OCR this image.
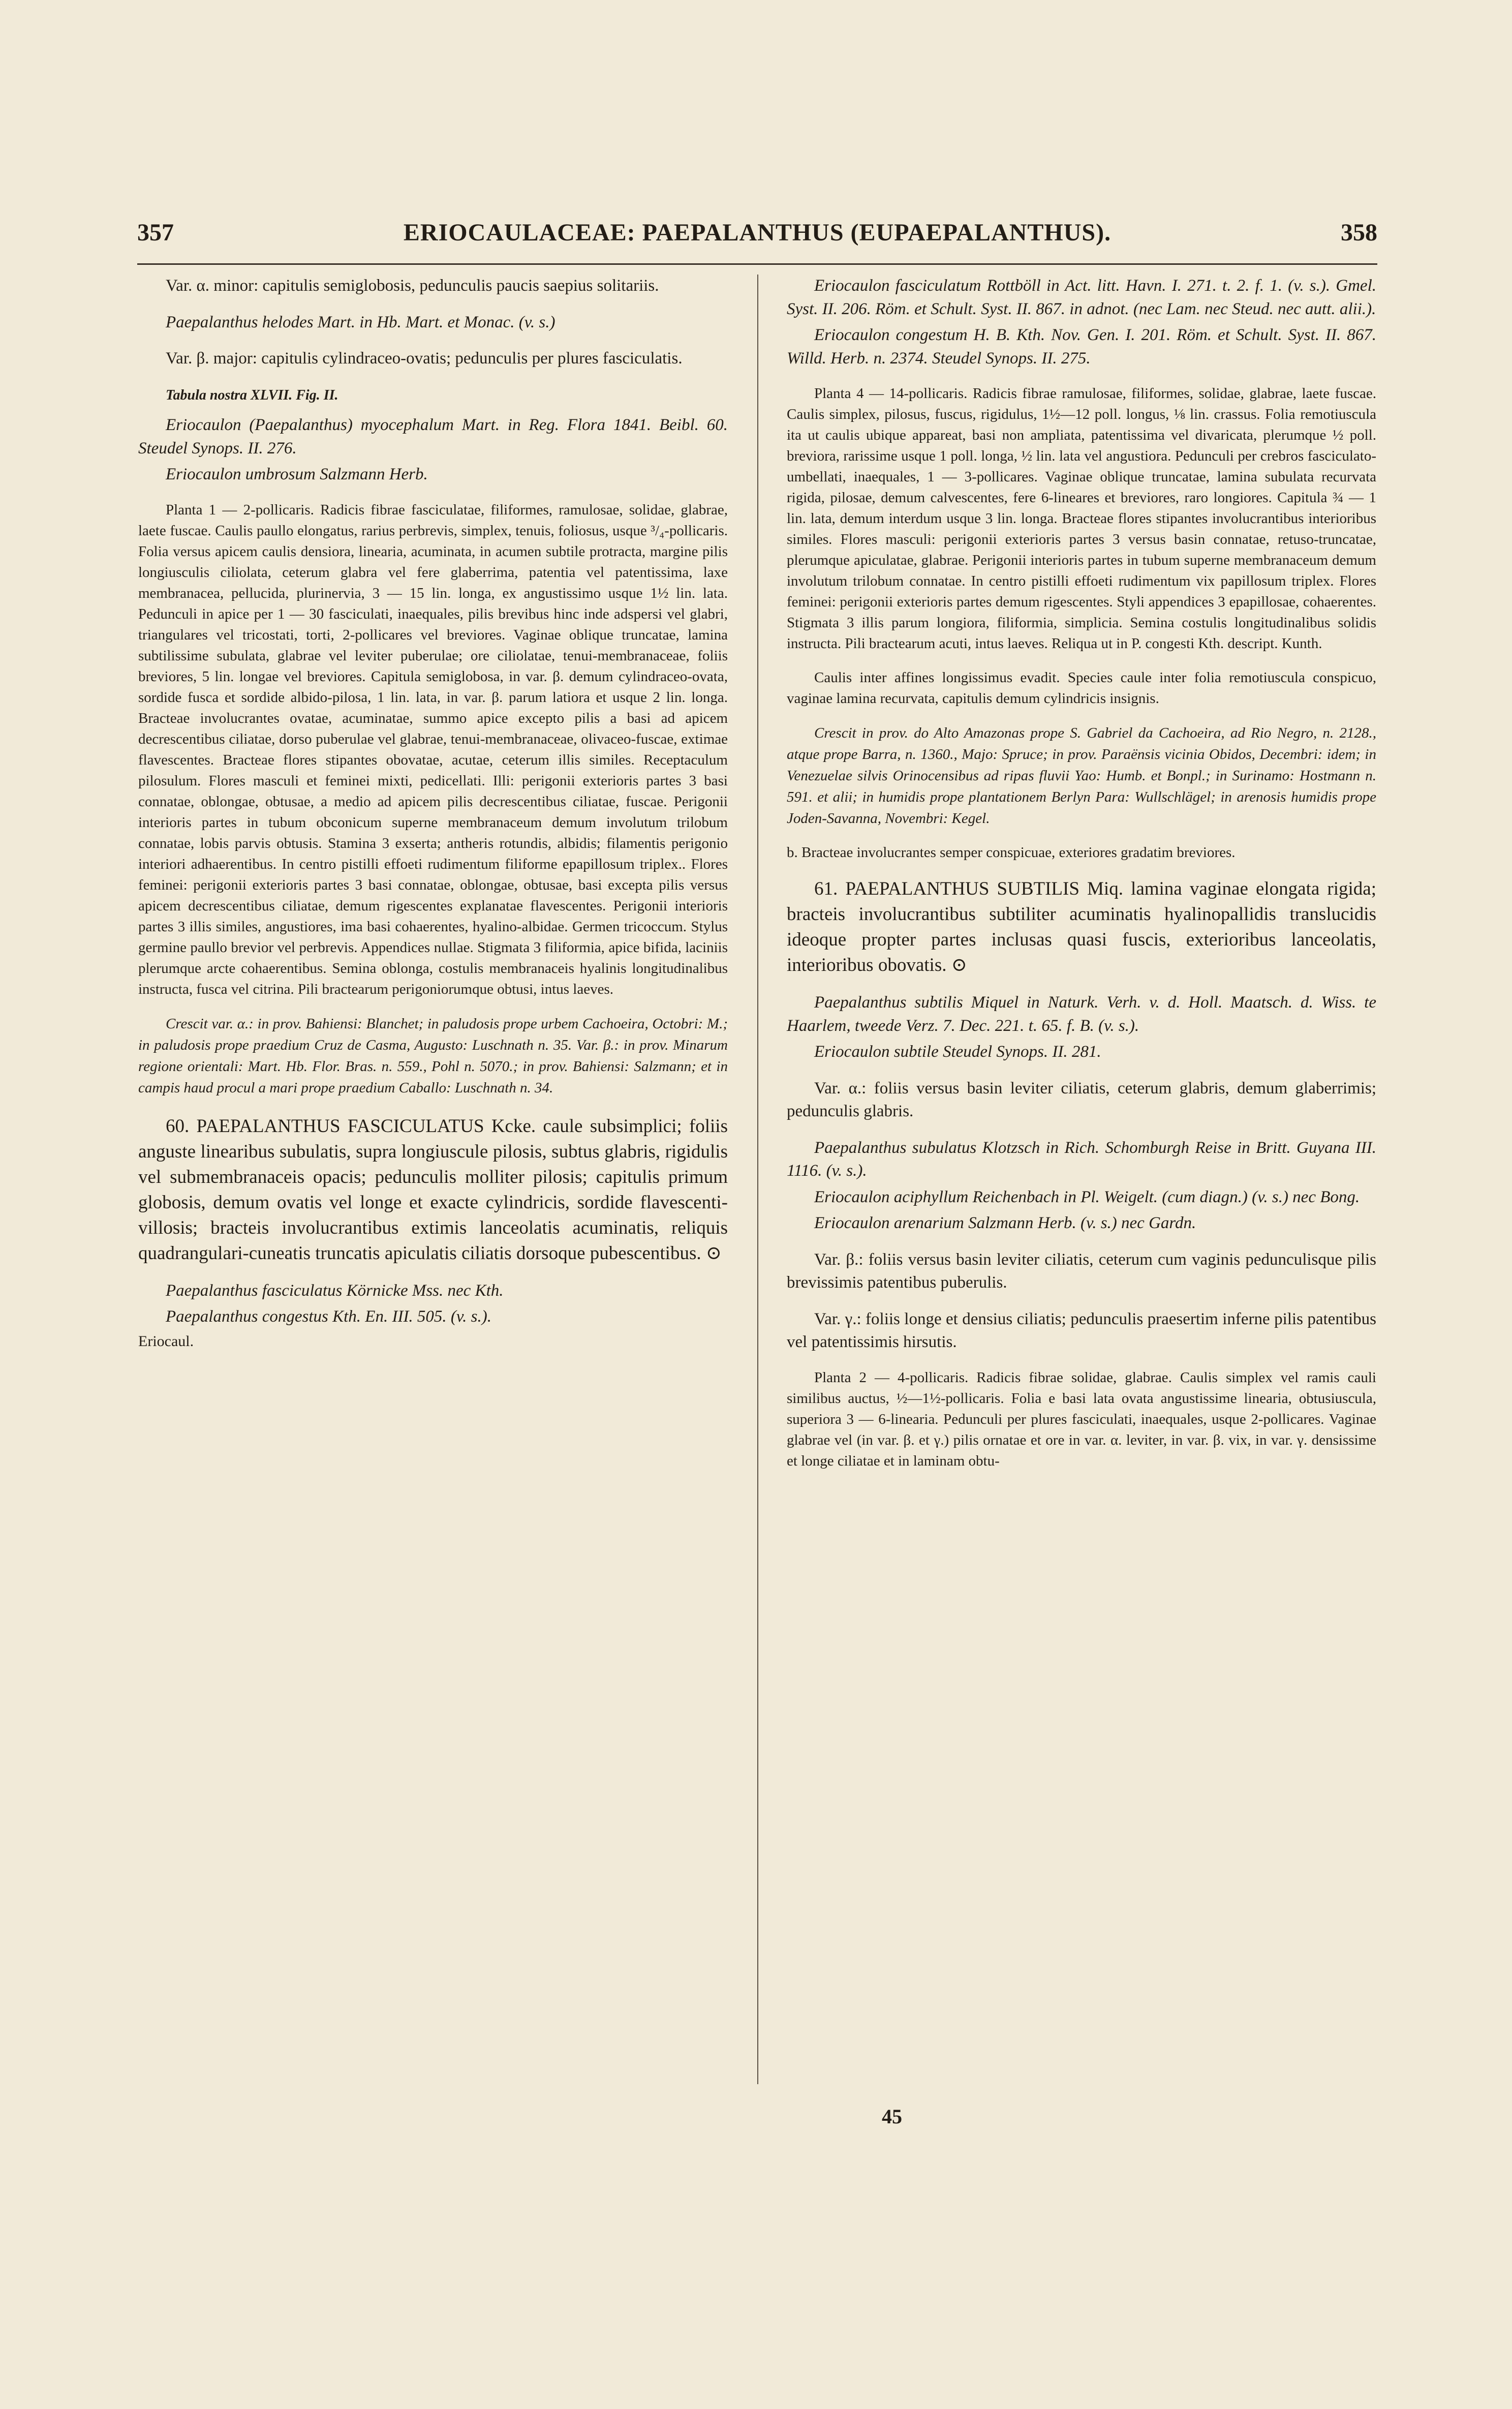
357	ERIOCAULACEAE: PAEPALANTHUS (EUPAEPALANTHUS).	358

Var. α. minor: capitulis semiglobosis, pedunculis paucis saepius solitariis.

Paepalanthus helodes Mart. in Hb. Mart. et Monac. (v. s.)

Var. β. major: capitulis cylindraceo-ovatis; pedunculis per plures fasciculatis.

Tabula nostra XLVII. Fig. II.

Eriocaulon (Paepalanthus) myocephalum Mart. in Reg. Flora 1841. Beibl. 60. Steudel Synops. II. 276.

Eriocaulon umbrosum Salzmann Herb.

Planta 1 — 2-pollicaris. Radicis fibrae fasciculatae, filiformes, ramulosae, solidae, glabrae, laete fuscae. Caulis paullo elongatus, rarius perbrevis, simplex, tenuis, foliosus, usque ³/₄-pollicaris. Folia versus apicem caulis densiora, linearia, acuminata, in acumen subtile protracta, margine pilis longiusculis ciliolata, ceterum glabra vel fere glaberrima, patentia vel patentissima, laxe membranacea, pellucida, plurinervia, 3 — 15 lin. longa, ex angustissimo usque 1½ lin. lata. Pedunculi in apice per 1 — 30 fasciculati, inaequales, pilis brevibus hinc inde adspersi vel glabri, triangulares vel tricostati, torti, 2-pollicares vel breviores. Vaginae oblique truncatae, lamina subtilissime subulata, glabrae vel leviter puberulae; ore ciliolatae, tenui-membranaceae, foliis breviores, 5 lin. longae vel breviores. Capitula semiglobosa, in var. β. demum cylindraceo-ovata, sordide fusca et sordide albido-pilosa, 1 lin. lata, in var. β. parum latiora et usque 2 lin. longa. Bracteae involucrantes ovatae, acuminatae, summo apice excepto pilis a basi ad apicem decrescentibus ciliatae, dorso puberulae vel glabrae, tenui-membranaceae, olivaceo-fuscae, extimae flavescentes. Bracteae flores stipantes obovatae, acutae, ceterum illis similes. Receptaculum pilosulum. Flores masculi et feminei mixti, pedicellati. Illi: perigonii exterioris partes 3 basi connatae, oblongae, obtusae, a medio ad apicem pilis decrescentibus ciliatae, fuscae. Perigonii interioris partes in tubum obconicum superne membranaceum demum involutum trilobum connatae, lobis parvis obtusis. Stamina 3 exserta; antheris rotundis, albidis; filamentis perigonio interiori adhaerentibus. In centro pistilli effoeti rudimentum filiforme epapillosum triplex.. Flores feminei: perigonii exterioris partes 3 basi connatae, oblongae, obtusae, basi excepta pilis versus apicem decrescentibus ciliatae, demum rigescentes explanatae flavescentes. Perigonii interioris partes 3 illis similes, angustiores, ima basi cohaerentes, hyalino-albidae. Germen tricoccum. Stylus germine paullo brevior vel perbrevis. Appendices nullae. Stigmata 3 filiformia, apice bifida, laciniis plerumque arcte cohaerentibus. Semina oblonga, costulis membranaceis hyalinis longitudinalibus instructa, fusca vel citrina. Pili bractearum perigoniorumque obtusi, intus laeves.

Crescit var. α.: in prov. Bahiensi: Blanchet; in paludosis prope urbem Cachoeira, Octobri: M.; in paludosis prope praedium Cruz de Casma, Augusto: Luschnath n. 35. Var. β.: in prov. Minarum regione orientali: Mart. Hb. Flor. Bras. n. 559., Pohl n. 5070.; in prov. Bahiensi: Salzmann; et in campis haud procul a mari prope praedium Caballo: Luschnath n. 34.

60. PAEPALANTHUS FASCICULATUS Kcke. caule subsimplici; foliis anguste linearibus subulatis, supra longiuscule pilosis, subtus glabris, rigidulis vel submembranaceis opacis; pedunculis molliter pilosis; capitulis primum globosis, demum ovatis vel longe et exacte cylindricis, sordide flavescenti-villosis; bracteis involucrantibus extimis lanceolatis acuminatis, reliquis quadrangulari-cuneatis truncatis apiculatis ciliatis dorsoque pubescentibus. ⊙

Paepalanthus fasciculatus Körnicke Mss. nec Kth.

Paepalanthus congestus Kth. En. III. 505. (v. s.).

Eriocaul.

Eriocaulon fasciculatum Rottböll in Act. litt. Havn. I. 271. t. 2. f. 1. (v. s.). Gmel. Syst. II. 206. Röm. et Schult. Syst. II. 867. in adnot. (nec Lam. nec Steud. nec autt. alii.).

Eriocaulon congestum H. B. Kth. Nov. Gen. I. 201. Röm. et Schult. Syst. II. 867. Willd. Herb. n. 2374. Steudel Synops. II. 275.

Planta 4 — 14-pollicaris. Radicis fibrae ramulosae, filiformes, solidae, glabrae, laete fuscae. Caulis simplex, pilosus, fuscus, rigidulus, 1½—12 poll. longus, ⅛ lin. crassus. Folia remotiuscula ita ut caulis ubique appareat, basi non ampliata, patentissima vel divaricata, plerumque ½ poll. breviora, rarissime usque 1 poll. longa, ½ lin. lata vel angustiora. Pedunculi per crebros fasciculato-umbellati, inaequales, 1 — 3-pollicares. Vaginae oblique truncatae, lamina subulata recurvata rigida, pilosae, demum calvescentes, fere 6-lineares et breviores, raro longiores. Capitula ¾ — 1 lin. lata, demum interdum usque 3 lin. longa. Bracteae flores stipantes involucrantibus interioribus similes. Flores masculi: perigonii exterioris partes 3 versus basin connatae, retuso-truncatae, plerumque apiculatae, glabrae. Perigonii interioris partes in tubum superne membranaceum demum involutum trilobum connatae. In centro pistilli effoeti rudimentum vix papillosum triplex. Flores feminei: perigonii exterioris partes demum rigescentes. Styli appendices 3 epapillosae, cohaerentes. Stigmata 3 illis parum longiora, filiformia, simplicia. Semina costulis longitudinalibus solidis instructa. Pili bractearum acuti, intus laeves. Reliqua ut in P. congesti Kth. descript. Kunth.

Caulis inter affines longissimus evadit. Species caule inter folia remotiuscula conspicuo, vaginae lamina recurvata, capitulis demum cylindricis insignis.

Crescit in prov. do Alto Amazonas prope S. Gabriel da Cachoeira, ad Rio Negro, n. 2128., atque prope Barra, n. 1360., Majo: Spruce; in prov. Paraënsis vicinia Obidos, Decembri: idem; in Venezuelae silvis Orinocensibus ad ripas fluvii Yao: Humb. et Bonpl.; in Surinamo: Hostmann n. 591. et alii; in humidis prope plantationem Berlyn Para: Wullschlägel; in arenosis humidis prope Joden-Savanna, Novembri: Kegel.

b. Bracteae involucrantes semper conspicuae, exteriores gradatim breviores.

61. PAEPALANTHUS SUBTILIS Miq. lamina vaginae elongata rigida; bracteis involucrantibus subtiliter acuminatis hyalinopallidis translucidis ideoque propter partes inclusas quasi fuscis, exterioribus lanceolatis, interioribus obovatis. ⊙

Paepalanthus subtilis Miquel in Naturk. Verh. v. d. Holl. Maatsch. d. Wiss. te Haarlem, tweede Verz. 7. Dec. 221. t. 65. f. B. (v. s.).

Eriocaulon subtile Steudel Synops. II. 281.

Var. α.: foliis versus basin leviter ciliatis, ceterum glabris, demum glaberrimis; pedunculis glabris.

Paepalanthus subulatus Klotzsch in Rich. Schomburgh Reise in Britt. Guyana III. 1116. (v. s.).

Eriocaulon aciphyllum Reichenbach in Pl. Weigelt. (cum diagn.) (v. s.) nec Bong.

Eriocaulon arenarium Salzmann Herb. (v. s.) nec Gardn.

Var. β.: foliis versus basin leviter ciliatis, ceterum cum vaginis pedunculisque pilis brevissimis patentibus puberulis.

Var. γ.: foliis longe et densius ciliatis; pedunculis praesertim inferne pilis patentibus vel patentissimis hirsutis.

Planta 2 — 4-pollicaris. Radicis fibrae solidae, glabrae. Caulis simplex vel ramis cauli similibus auctus, ½—1½-pollicaris. Folia e basi lata ovata angustissime linearia, obtusiuscula, superiora 3 — 6-linearia. Pedunculi per plures fasciculati, inaequales, usque 2-pollicares. Vaginae glabrae vel (in var. β. et γ.) pilis ornatae et ore in var. α. leviter, in var. β. vix, in var. γ. densissime et longe ciliatae et in laminam obtu-

45
